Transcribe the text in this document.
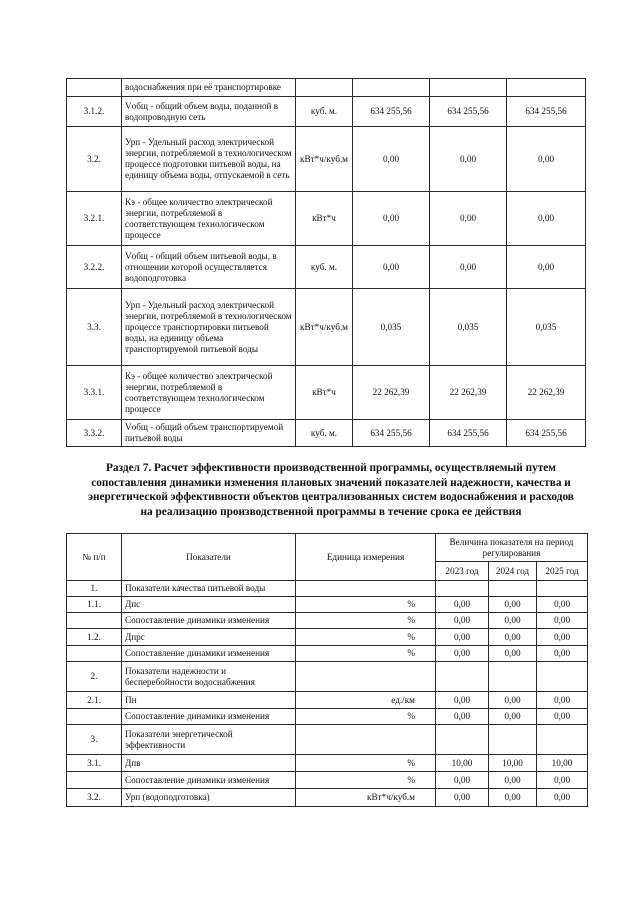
	водоснабжения при её транспортировке				
3.1.2.	Vобщ - общий объем воды, поданной в водопроводную сеть	куб. м.	634 255,56	634 255,56	634 255,56
3.2.	Урп - Удельный расход электрической энергии, потребляемой в технологическом процессе подготовки питьевой воды, на единицу объема воды, отпускаемой в сеть	кВт*ч/куб.м	0,00	0,00	0,00
3.2.1.	Кэ - общее количество электрической энергии, потребляемой в соответствующем технологическом процессе	кВт*ч	0,00	0,00	0,00
3.2.2.	Vобщ - общий объем питьевой воды, в отношении которой осуществляется водоподготовка	куб. м.	0,00	0,00	0,00
3.3.	Урп - Удельный расход электрической энергии, потребляемой в технологическом процессе транспортировки питьевой воды, на единицу объема транспортируемой питьевой воды	кВт*ч/куб.м	0,035	0,035	0,035
3.3.1.	Кэ - общее количество электрической энергии, потребляемой в соответствующем технологическом процессе	кВт*ч	22 262,39	22 262,39	22 262,39
3.3.2.	Vобщ - общий объем транспортируемой питьевой воды	куб. м.	634 255,56	634 255,56	634 255,56
Раздел 7. Расчет эффективности производственной программы, осуществляемый путем сопоставления динамики изменения плановых значений показателей надежности, качества и энергетической эффективности объектов централизованных систем водоснабжения и расходов на реализацию производственной программы в течение срока ее действия
№ п/п	Показатели	Единица измерения	Величина показателя на период регулирования		
			2023 год	2024 год	2025 год
1.	Показатели качества питьевой воды				
1.1.	Дпс	%	0,00	0,00	0,00
	Сопоставление динамики изменения	%	0,00	0,00	0,00
1.2.	Дпрс	%	0,00	0,00	0,00
	Сопоставление динамики изменения	%	0,00	0,00	0,00
2.	Показатели надежности и бесперебойности водоснабжения				
2.1.	Пн	ед./км	0,00	0,00	0,00
	Сопоставление динамики изменения	%	0,00	0,00	0,00
3.	Показатели энергетической эффективности				
3.1.	Дпв	%	10,00	10,00	10,00
	Сопоставление динамики изменения	%	0,00	0,00	0,00
3.2.	Урп (водоподготовка)	кВт*ч/куб.м	0,00	0,00	0,00
